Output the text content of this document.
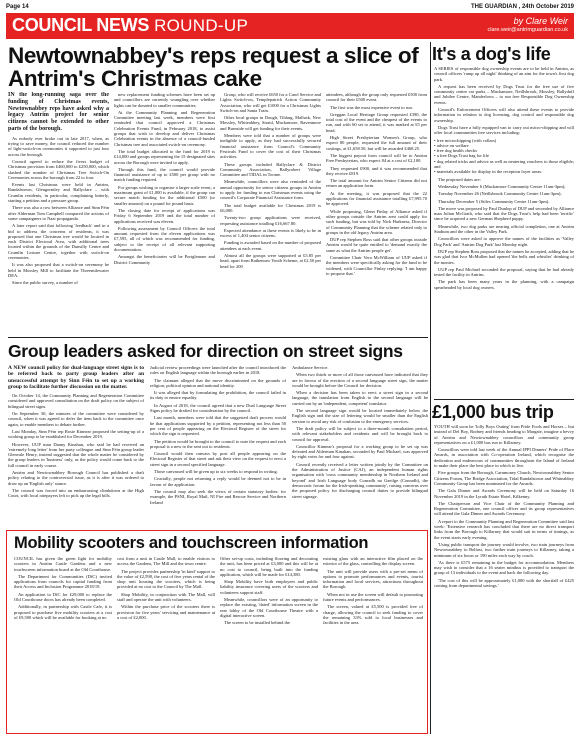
Page 14	THE GUARDIAN , 24th October 2019
COUNCIL NEWS ROUND-UP	by Clare Weir
clare.weir@antrimguardian.co.uk
Newtownabbey's reps request a slice of Antrim's Christmas cake
IN the long-running saga over the funding of Christmas events, Newtownabbey reps have asked why a legacy Antrim project for senior citizens cannot be extended to other parts of the borough.

As nobody ever broke out in late 2017, when, as trying to save money, the council reduced the number of light-switch-on ceremonies it supported to just four across the borough.

Council agreed to reduce the fivers budget of Christmas provision from £460,000 to £250,000, which slashed the number of Christmas Tree Switch-On Ceremonies across the borough from 22 to four.

Events last Christmas were held in Antrim, Randalstown, Glengormley and Ballyclare – with Crumlin residents, in particular, complaining bitterly, starting a petition and a pressure group.

There was also a row between Alliance and Sinn Féin after Alderman Tom Campbell compared the actions of some campaigners to Nazi propaganda.

A later report said that following 'feedback' and in a bid to address the concerns of residents, it was proposed that one Christmas tree would be located in each District Electoral Area, with additional trees located within the grounds of the Dunsilly Centre and Crumlin Leisure Centre, together with switch-on ceremonies.

It was also proposed that a switch-on ceremony be held in Mossley Mill to facilitate the Threemilewater DEA.

Since the public survey, a number of

new replacement funding schemes have been set up and councillors are currently wrangling over whether lights can be donated to smaller communities.

At the Community Planning and Regeneration Committee meeting last week, members were first reminded that council approved a Christmas Celebration Events Fund, in February 2018, to assist groups that wish to develop and deliver Christmas Celebration events in the absence of a council-funded Christmas tree and associated switch-on ceremony.

The total budget allocated to the fund for 2019 is £14,000 and groups representing the 15 designated sites across the Borough were invited to apply.

Through this fund, the council would provide financial assistance of up to £500 per group with no match funding required.

For groups wishing to organise a larger scale event, a maximum grant of £1,000 is available, if the group can secure match funding for the additional £500 (or smaller amount) on a pound for pound basis.

The closing date for receipt of applications was Friday 6 September 2019 and the total number of applications received was eleven.

Following assessment by Council Officers the total amount requested from the eleven applications was £7,595, all of which was recommended for funding, subject to the receipt of all relevant supporting documentation.

Amongst the beneficiaries will be Portglenone and District Community

Group, who will receive £650 for a Carol Service and Lights Switch-on, Templepatrick Action Community Association, who will get £1000 for a Christmas Lights Switch-on and Santa Train.

Other local groups in Dough, Tildarg, Mallusk, New Mossley, Whiteabbey, Straid, Muckamore, Ravenmore and Burnside will get funding for their events.

Members were told that a number of groups were ineligible to apply, as they had successfully secured financial assistance from Council's Community Festivals Fund to cover the cost of their Christmas activities.

These groups included Ballyclare & District Community Association, Ballyrobert Village Committee and TIDAL in Toome.

Meanwhile, councillors were also reminded of the annual opportunity for senior citizens groups in Antrim to apply for funding to run Christmas events using the council's Corporate Financial Assistance form.

The total budget available for Christmas 2019 is £6,000.

Twenty-two group applications were received, requesting assistance totalling £16,667.80.

Expected attendance at these events is likely to be in excess of 1,404 senior citizens.

Funding is awarded based on the number of proposed attendees at each event.

Almost all the groups were supported at £5.85 per head, apart from Rathenraw Youth Scheme, at £2.50 per head for 200

attendees, although the group only requested £500 from council for their £500 event.

The first was the most expensive event to run.

Greggan Local Heritage Group requested £390, the total cost of the event and the cheapest of the events to run, and with 60 set to attend, it was marked at £5 per head.

High Street Presbyterian Women's Group, who expect 80 people, requested the full amount of their costings, at £1,658.50, but will be awarded £468.25.

The biggest payout from council will be to Antrim Free Presbyterian, who expect 84 at a cost of £2,100.

They requested £900, and it was recommended that they receive £819.

The total amount for Antrim Senior Citizens did not return an application form.

At the meeting, it was proposed that the 22 applications for financial assistance totalling £7,995.70 be approved.

While proposing, Glenn Finlay of Alliance asked if other groups outside the Antrim area could apply for such funding, but was told by Nick Harkness, Director of Community Planning that the scheme related only to groups in the old legacy Antrim area.

DUP rep Stephen Ross said that other groups outside Antrim would be quite entitled to 'demand exactly the same as what the Antrim people get'.

Committee Chair Vera McWilliam of UUP asked if the members were specifically asking for the fund to be widened, with Councillor Finlay replying: 'I am happy to propose that.'

Group leaders asked for direction on street signs
A NEW council policy for dual-language street signs is to be referred back to party group leaders after an unsuccessful attempt by Sinn Féin to set up a working group to facilitate further discussion on the matter.

On October 14, the Community Planning and Regeneration Committee considered and approved consultation on the draft policy on the subject of bilingual street signs.

On September 30, the minutes of the committee were considered by council, when it was agreed to defer the item back to the committee once again, to enable members to debate further.

Last Monday, Sinn Féin rep Rosie Kinnear proposed the setting-up of a working group to be established for December 2019.

However, UUP man Danny Kinahan, who said he had received an 'extremely long letter' from her party colleague and Sinn Féin group leader Glenvale Henry, instead suggested that the whole matter be considered by the group leaders in 'business' only, as the policy would come back to the full council in early course.

Antrim and Newtownabbey Borough Council has published a draft policy relating to the controversial issue, as it is after it was ordered to draw up an 'English only' stance.

The council was forced into an embarrassing climbdown at the High Court, with local ratepayers left to pick up the legal bills.

Judicial review proceedings were launched after the council introduced the rules on English language within the borough earlier in 2018.

The claimant alleged that the move discriminated on the grounds of religion, political opinion and national identity.

It was alleged that by formulating the prohibition, the council failed in its duty to ensure equality.

In August of 2018, the council agreed that a new Dual Language Street Signs policy be drafted for consideration by the council.

Last month, members were told that the suggested draft process would be that applications supported by a petition, representing not less than 50 per cent of people appearing on the Electoral Register of the street for which the sign is requested.

The petition would be brought to the council to note the request and each proposal is a new to the sent out to residents.

Council would then canvass by post all people appearing on the Electoral Register of that street and ask their view on the request to erect a street sign in a second specified language.

Those canvassed will be given up to six weeks to respond in writing.

Crucially, people not returning a reply would be deemed not to be in favour of the application.

The council may also seek the views of certain statutory bodies: for example, the PSNI, Royal Mail, NI Fire and Rescue Service and Northern Ireland

Ambulance Service.

When two thirds or more of all those canvassed have indicated that they are in favour of the erection of a second language street sign, the matter would be brought before the Council for decision.

When a decision has been taken to erect a street sign in a second language, the translation from English to the second language will be carried out by an 'independent, competent' translator.

The second language sign would be located immediately below the English sign and the size of lettering would be smaller than the English version to avoid any risk of confusion to the emergency services.

The draft policy will be subject to a three-month consultation period, with relevant stakeholders and residents and will be brought back to council for approval.

Councillor Kinnear's proposal for a working group to be set up was defeated and Alderman Kinahan, seconded by Paul Michael, was approved by eight votes for and four against.

Council recently received a letter written jointly by the Committee on the Administration of Justice (CAJ), an independent human rights organisation with 'cross community membership in Northern Ireland and beyond' and Irish Language body Conradh na Gaeilge (Conradh), the democratic forum for the Irish-speaking community', raising concerns over the proposed policy for discharging council duties to provide bilingual street signage.

Mobility scooters and touchscreen information

COUNCIL has given the green light for mobility scooters in Antrim Castle Gardens and a new touchscreen information board at the Old Courthouse.

The Department for Communities (DfC) invited applications from councils for capital funding from their Access and Inclusion Programme 2018/19.

An application to DfC for £29,000 to replace the Old Courthouse doors has already been completed.

Additionally, in partnership with Castle Cafe, it is proposed to purchase five mobility scooters at a cost of £9,500 which will be available for booking at no

cost from a unit in Castle Mall, to enable visitors to access the Gardens, The Mill and the town centre.

The project provides partnership 'in kind' support to the value of £2,598, the cost of five years rental of the shop unit housing the scooters, which is being provided at no cost to the Council by The Mall.

Shop Mobility, in conjunction with The Mall, will staff and operate the unit with volunteers.

Within the purchase price of the scooters there is provision for five years' servicing and maintenance at a cost of £2,000.

Other set-up costs, including flooring and decorating the unit, has been priced at £3,000 and this will be at no cost to council, being built into the funding application, which will be made for £14,380.

Shop Mobility have both employees and public liability insurance covering users of the scooters and volunteers support staff.

Meanwhile, councillors were of an opportunity to replace the existing, 'dated' information screen in the rear lobby of the Old Courthouse Theatre with a digital interactive screen.

The screen to be installed behind the

existing glass with an interactive film placed on the exterior of the glass, controlling the display screen.

The unit will provide users with a pre-set menu of options to promote performances and events, tourist information and local services, attractions throughout the Borough.

When not in use the screen will default to promoting future events and performances.

The screen, valued at £5,500 is provided free of charge, allowing the council to seek funding to cover the remaining 33% sold to local businesses and facilities in the area.

It's a dog's life

A SERIES of responsible dog ownership events are to be held in Antrim, as council officers 'ramp up all night' thinking of an aim for the town's first dog park.

A request has been received by Dogs Trust for the free use of five community centre car parks – Muckamore, Neillsbrook, Mossley, Ballyduff and Jubilee Centre, Manderlows – to run free Responsible Dog Ownership events.

Council's Enforcement Officers will also attend these events to provide information in relation to dog licensing, dog control and responsible dog ownership.

Dogs Trust have a fully equipped van to carry out micro-chipping and will offer local communities free services including:

• free microchipping (with collars)

• advice on welfare

• free dog health checks

• a free Dogs Trust bag for life

• dog related tricks and advice as well as neutering vouchers to those eligible; and

• materials available for display in the reception foyer areas.

The proposed dates are:

Wednesday November 6 (Muckamore Community Centre 11am-3pm);

Tuesday November 26 (Neillsbrook Community Centre 11am-3pm);

Thursday December 5 (Stiles Community Centre 11am-3pm).

The move was proposed by Paul Dunlop of DUP and seconded by Alliance man Julian McGrath, who said that the Dogs Trust's help had been 'terrific' since he acquired a new German Shepherd puppy.

Meanwhile, two dog parks are nearing official completion, one at Antrim Stadium and the other in the Valley Park.

Councillors were asked to approve the names of the facilities as 'Valley Dog Park' and 'Antrim Dog Park' last Monday night.

DUP rep Stephen Ross proposed that the names be accepted, adding that he was glad that Ivor McMullen had opened 'the bells and whistles' drinking of the monies.

UUP rep Paul Michael seconded the proposal, saying that he had already tested the facility in Antrim.

The park has been many years in the planning, with a campaign spearheaded by local dog owners.

£1,000 bus trip

YOUTH will soon be 'Jolly Boys Outing' from Pride Fools and Horses – but instead of Del Boy, Rodney and friends heading to Margate, imagine a bevvy of Antrim and Newtownabbey councillors and community group representatives on a £1,000 bus run to Killarney.

Councillors were told last week of the Annual IPPI Dinners' Pride of Place Awards, in association with Co-operation Ireland, which recognise the dedication and endeavours of communities throughout the Island of Ireland to make their place the best place in which to live.

Five groups from the Borough, Carnmoney Church, Newtownabbey Senior Citizens Forum, The Bridge Association, Tidal Randalstown and Whiteabbey Community Group has been nominated for the Awards.

The Gala Dinner and Awards Ceremony will be held on Saturday 16 November 2019 in the Lyrath Estate Hotel, Kilkenny.

The Chairperson and Vice Chair of the Community Planning and Regeneration Committee, one council officer and its group representatives will attend the Gala Dinner and Awards Ceremony.

A report to the Community Planning and Regeneration Committee said last week: 'Extensive research has concluded that there are no direct transport links from the Borough to Killarney that would suit in terms of timings, as the event starts early evening.

'Using public transport the journey would involve, two train journeys from Newtownabbey to Belfast, two further train journeys to Killarney, taking a minimum of six hours or 190 miles each way by coach.

'As there is £575 remaining in the budget for accommodation. Members may wish to consider that a 16 seater minibus is provided to transport the group of 13 individuals to the event and back the following day.

'The cost of this will be approximately £1,000 with the shortfall of £425 coming from departmental savings.'
